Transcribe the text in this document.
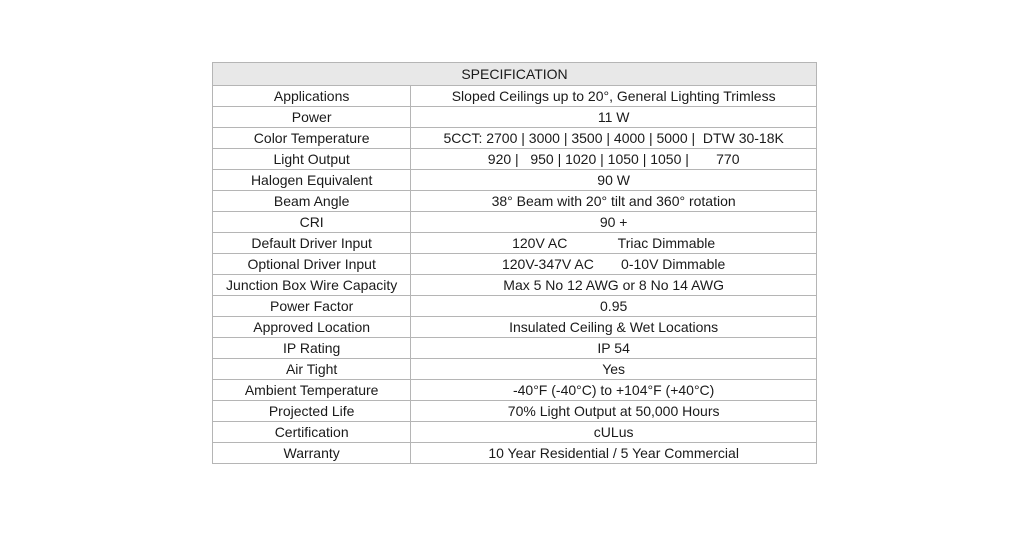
SPECIFICATION	
Applications	Sloped Ceilings up to 20°, General Lighting Trimless
Power	11 W
Color Temperature	5CCT: 2700 | 3000 | 3500 | 4000 | 5000 |  DTW 30-18K
Light Output	920 |   950 | 1020 | 1050 | 1050 |       770
Halogen Equivalent	90 W
Beam Angle	38° Beam with 20° tilt and 360° rotation
CRI	90 +
Default Driver Input	120V AC             Triac Dimmable
Optional Driver Input	120V-347V AC       0-10V Dimmable
Junction Box Wire Capacity	Max 5 No 12 AWG or 8 No 14 AWG
Power Factor	0.95
Approved Location	Insulated Ceiling & Wet Locations
IP Rating	IP 54
Air Tight	Yes
Ambient Temperature	-40°F (-40°C) to +104°F (+40°C)
Projected Life	70% Light Output at 50,000 Hours
Certification	cULus
Warranty	10 Year Residential / 5 Year Commercial
